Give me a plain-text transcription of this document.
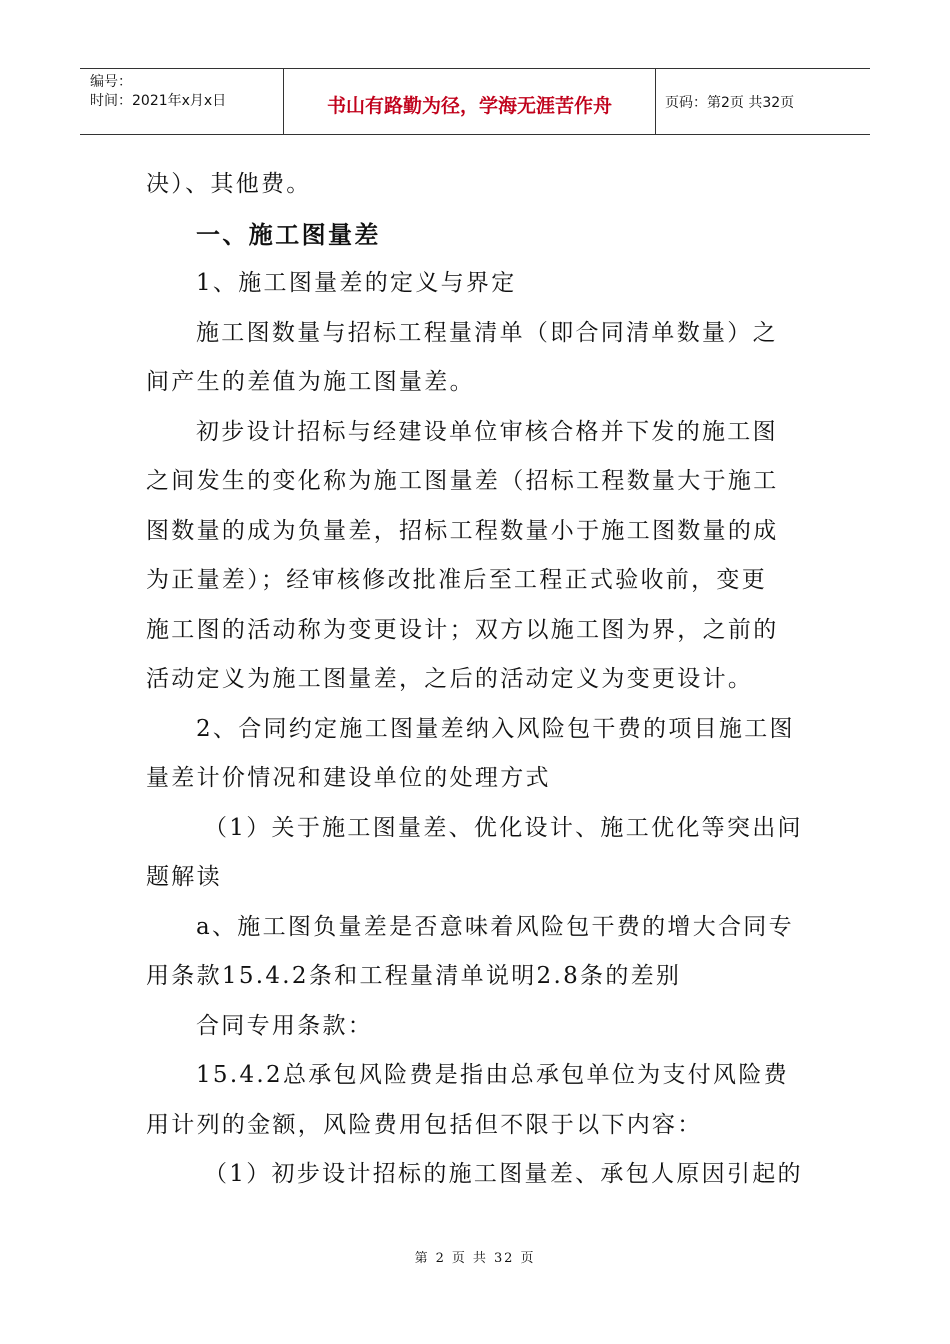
编号：
时间：2021年x月x日	书山有路勤为径，学海无涯苦作舟	页码：第2页 共32页
决）、其他费。
一、施工图量差
1、施工图量差的定义与界定
施工图数量与招标工程量清单（即合同清单数量）之
间产生的差值为施工图量差。
初步设计招标与经建设单位审核合格并下发的施工图
之间发生的变化称为施工图量差（招标工程数量大于施工
图数量的成为负量差，招标工程数量小于施工图数量的成
为正量差）；经审核修改批准后至工程正式验收前，变更
施工图的活动称为变更设计；双方以施工图为界，之前的
活动定义为施工图量差，之后的活动定义为变更设计。
2、合同约定施工图量差纳入风险包干费的项目施工图
量差计价情况和建设单位的处理方式
（1）关于施工图量差、优化设计、施工优化等突出问
题解读
a、施工图负量差是否意味着风险包干费的增大合同专
用条款15.4.2条和工程量清单说明2.8条的差别
合同专用条款：
15.4.2总承包风险费是指由总承包单位为支付风险费
用计列的金额，风险费用包括但不限于以下内容：
（1）初步设计招标的施工图量差、承包人原因引起的
第 2 页 共 32 页
